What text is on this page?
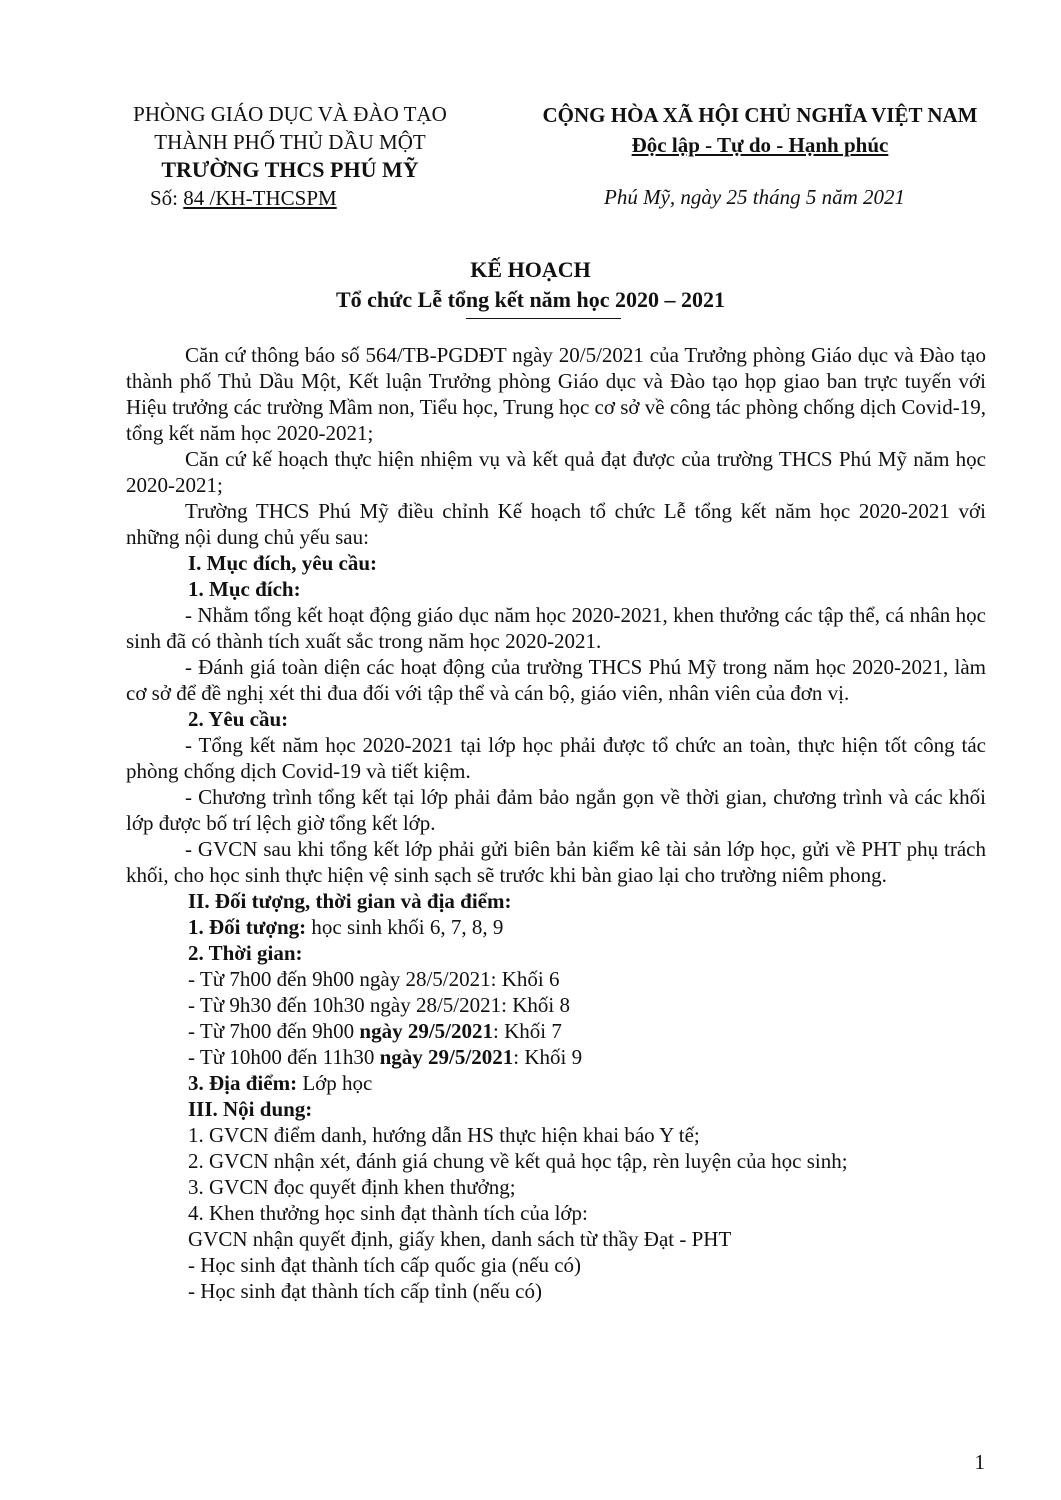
PHÒNG GIÁO DỤC VÀ ĐÀO TẠO
THÀNH PHỐ THỦ DẦU MỘT
TRƯỜNG THCS PHÚ MỸ
Số: 84 /KH-THCSPM
CỘNG HÒA XÃ HỘI CHỦ NGHĨA VIỆT NAM
Độc lập - Tự do - Hạnh phúc
Phú Mỹ, ngày 25 tháng 5 năm 2021
KẾ HOẠCH
Tổ chức Lễ tổng kết năm học 2020 – 2021

Căn cứ thông báo số 564/TB-PGDĐT ngày 20/5/2021 của Trưởng phòng Giáo dục và Đào tạo thành phố Thủ Dầu Một, Kết luận Trưởng phòng Giáo dục và Đào tạo họp giao ban trực tuyến với Hiệu trưởng các trường Mầm non, Tiểu học, Trung học cơ sở về công tác phòng chống dịch Covid-19, tổng kết năm học 2020-2021;

Căn cứ kế hoạch thực hiện nhiệm vụ và kết quả đạt được của trường THCS Phú Mỹ năm học 2020-2021;

Trường THCS Phú Mỹ điều chỉnh Kế hoạch tổ chức Lễ tổng kết năm học 2020-2021 với những nội dung chủ yếu sau:

I. Mục đích, yêu cầu:

1. Mục đích:

- Nhằm tổng kết hoạt động giáo dục năm học 2020-2021, khen thưởng các tập thể, cá nhân học sinh đã có thành tích xuất sắc trong năm học 2020-2021.

- Đánh giá toàn diện các hoạt động của trường THCS Phú Mỹ trong năm học 2020-2021, làm cơ sở để đề nghị xét thi đua đối với tập thể và cán bộ, giáo viên, nhân viên của đơn vị.

2. Yêu cầu:

- Tổng kết năm học 2020-2021 tại lớp học phải được tổ chức an toàn, thực hiện tốt công tác phòng chống dịch Covid-19 và tiết kiệm.

- Chương trình tổng kết tại lớp phải đảm bảo ngắn gọn về thời gian, chương trình và các khối lớp được bố trí lệch giờ tổng kết lớp.

- GVCN sau khi tổng kết lớp phải gửi biên bản kiểm kê tài sản lớp học, gửi về PHT phụ trách khối, cho học sinh thực hiện vệ sinh sạch sẽ trước khi bàn giao lại cho trường niêm phong.

II. Đối tượng, thời gian và địa điểm:

1. Đối tượng: học sinh khối 6, 7, 8, 9

2. Thời gian:

- Từ 7h00 đến 9h00 ngày 28/5/2021: Khối 6

- Từ 9h30 đến 10h30 ngày 28/5/2021: Khối 8

- Từ 7h00 đến 9h00 ngày 29/5/2021: Khối 7

- Từ 10h00 đến 11h30 ngày 29/5/2021: Khối 9

3. Địa điểm: Lớp học

III. Nội dung:

1. GVCN điểm danh, hướng dẫn HS thực hiện khai báo Y tế;

2. GVCN nhận xét, đánh giá chung về kết quả học tập, rèn luyện của học sinh;

3. GVCN đọc quyết định khen thưởng;

4. Khen thưởng học sinh đạt thành tích của lớp:

GVCN nhận quyết định, giấy khen, danh sách từ thầy Đạt - PHT

- Học sinh đạt thành tích cấp quốc gia (nếu có)

- Học sinh đạt thành tích cấp tỉnh (nếu có)

1
